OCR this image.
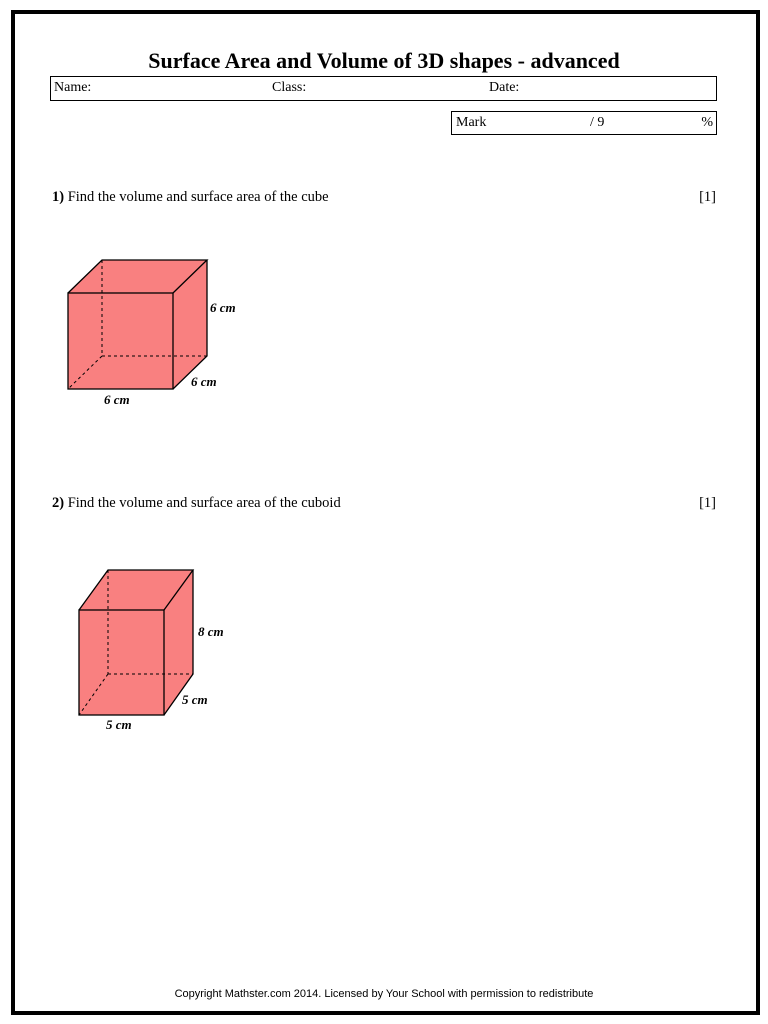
Surface Area and Volume of 3D shapes - advanced
Name:	Class:	Date:
Mark	/ 9	%
1) Find the volume and surface area of the cube	[1]
6 cm
6 cm
6 cm
2) Find the volume and surface area of the cuboid	[1]
8 cm
5 cm
5 cm
Copyright Mathster.com 2014. Licensed by Your School with permission to redistribute
